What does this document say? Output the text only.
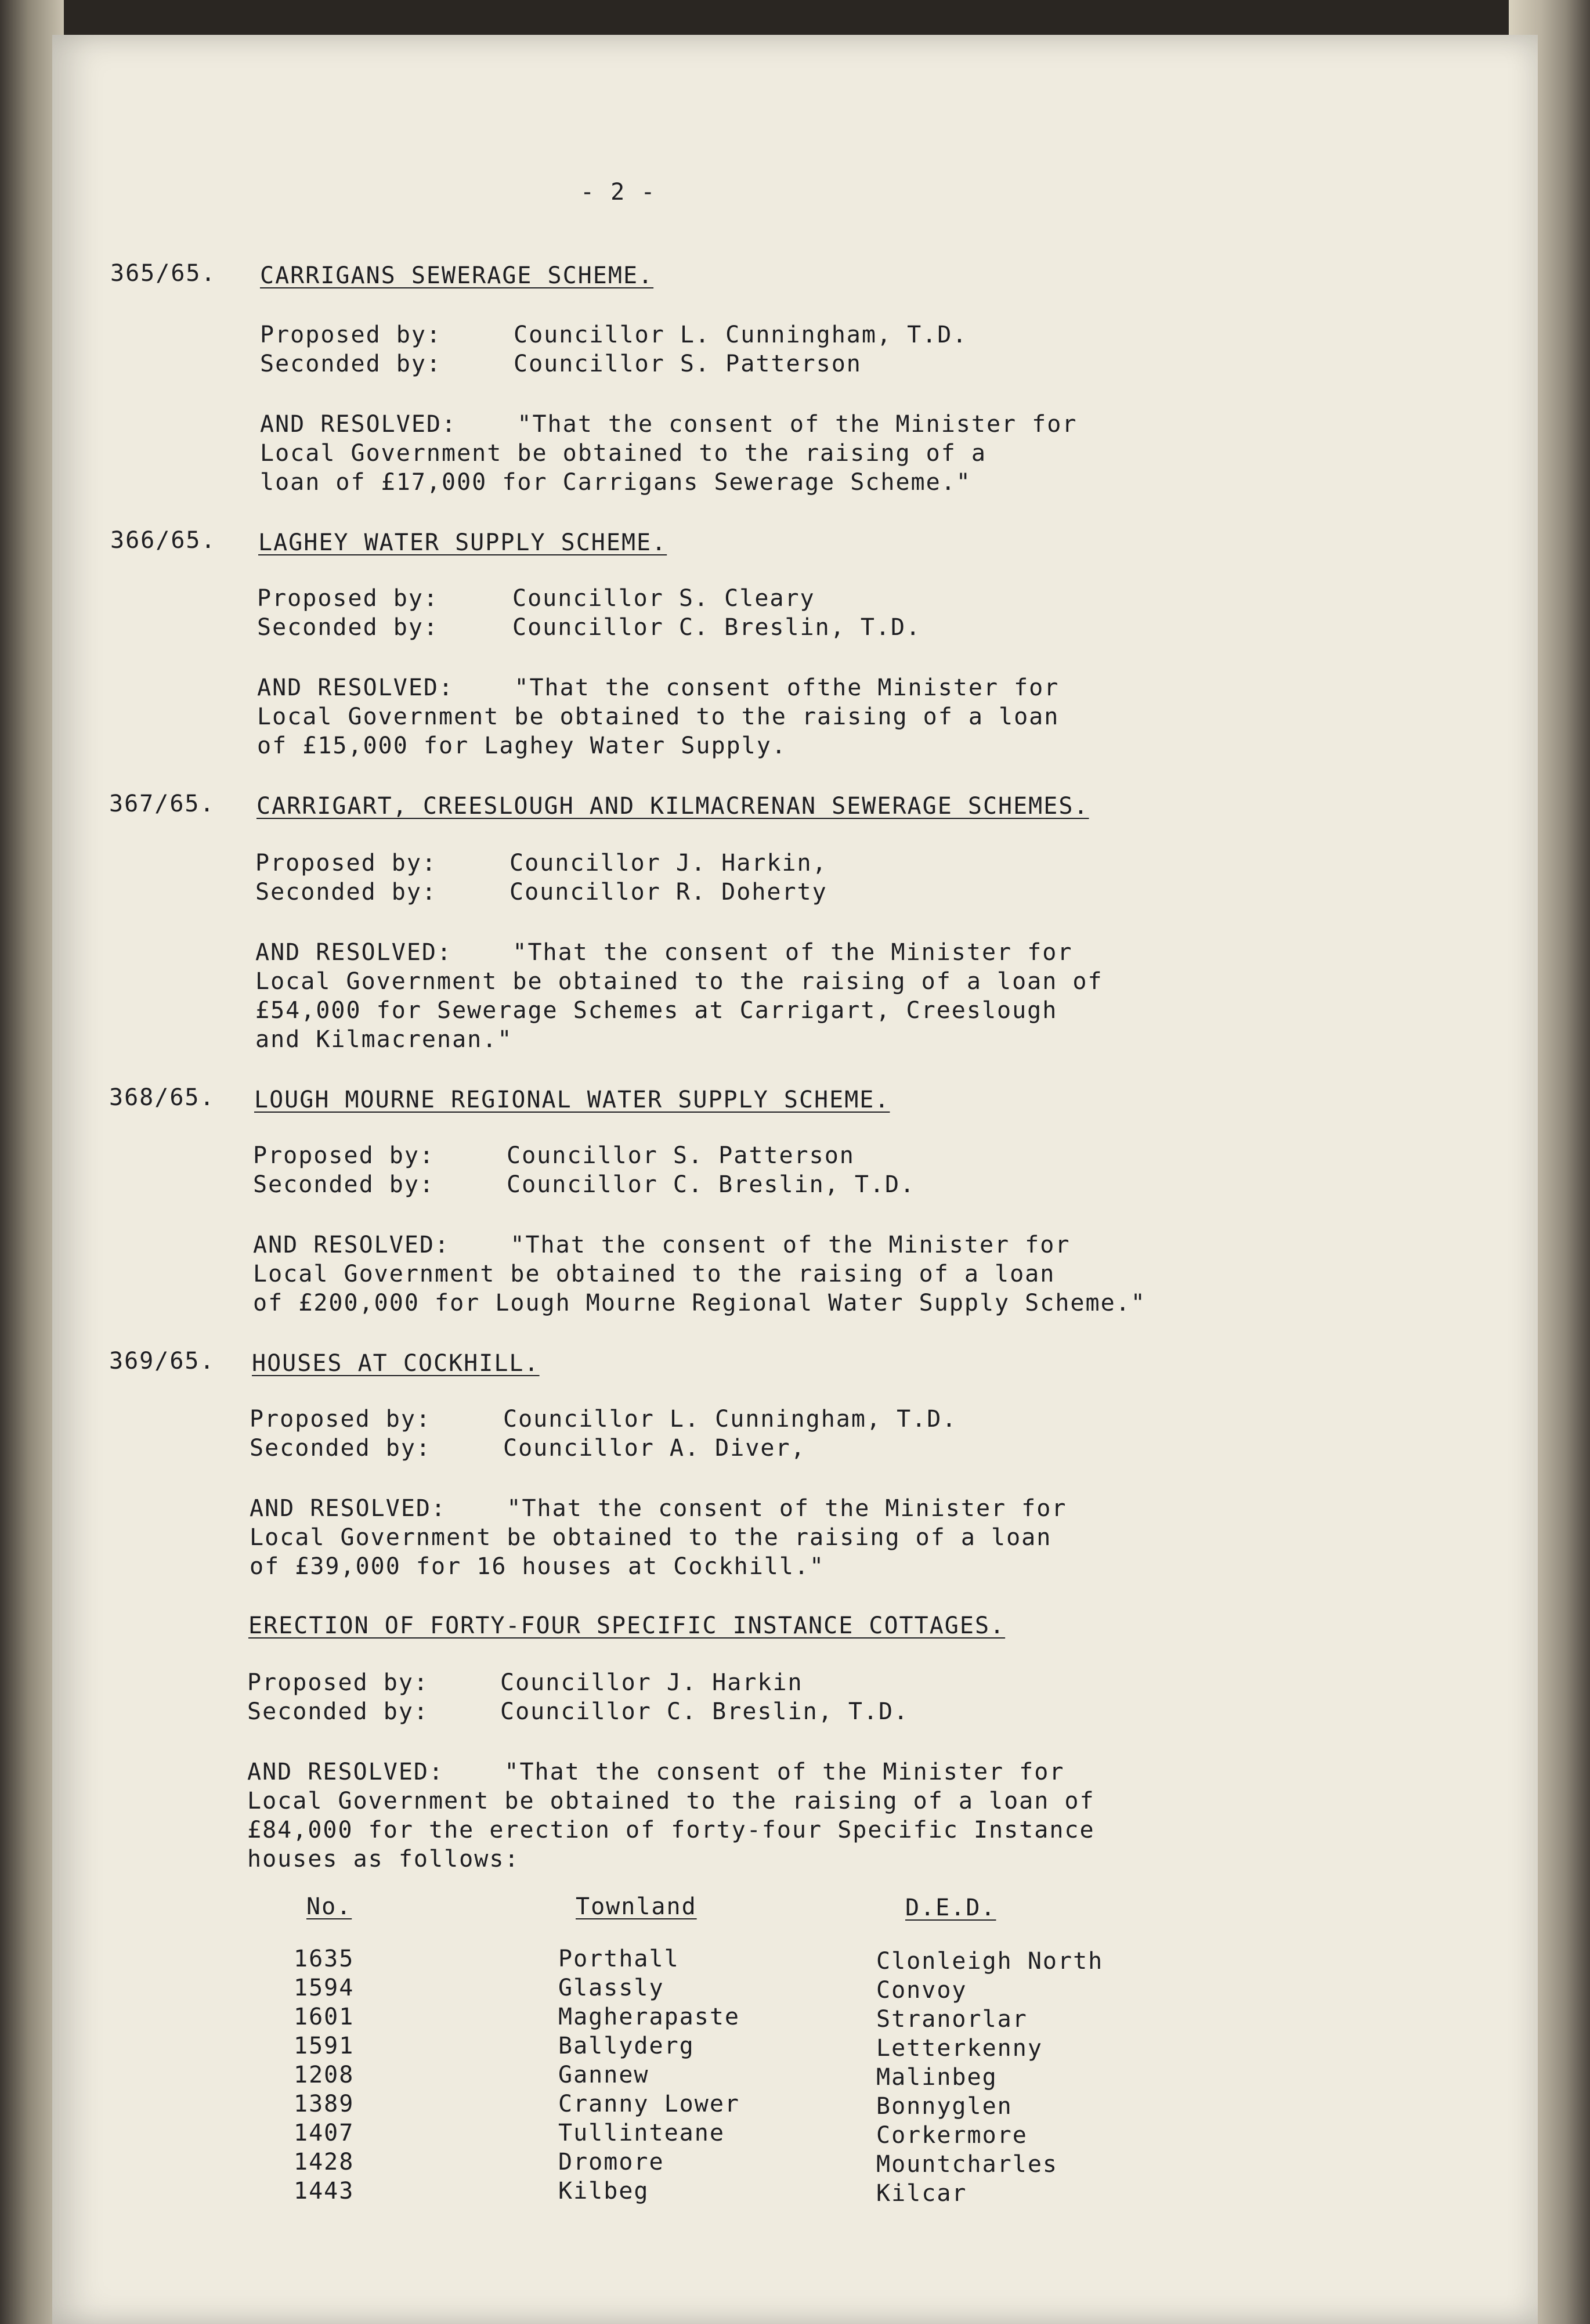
- 2 -
365/65. CARRIGANS SEWERAGE SCHEME.
Proposed by:	Councillor L. Cunningham, T.D.
Seconded by:	Councillor S. Patterson
AND RESOLVED:    "That the consent of the Minister for
Local Government be obtained to the raising of a
loan of £17,000 for Carrigans Sewerage Scheme."
366/65. LAGHEY WATER SUPPLY SCHEME.
Proposed by:	Councillor S. Cleary
Seconded by:	Councillor C. Breslin, T.D.
AND RESOLVED:    "That the consent ofthe Minister for
Local Government be obtained to the raising of a loan
of £15,000 for Laghey Water Supply.
367/65. CARRIGART, CREESLOUGH AND KILMACRENAN SEWERAGE SCHEMES.
Proposed by:	Councillor J. Harkin,
Seconded by:	Councillor R. Doherty
AND RESOLVED:    "That the consent of the Minister for
Local Government be obtained to the raising of a loan of
£54,000 for Sewerage Schemes at Carrigart, Creeslough
and Kilmacrenan."
368/65. LOUGH MOURNE REGIONAL WATER SUPPLY SCHEME.
Proposed by:	Councillor S. Patterson
Seconded by:	Councillor C. Breslin, T.D.
AND RESOLVED:    "That the consent of the Minister for
Local Government be obtained to the raising of a loan
of £200,000 for Lough Mourne Regional Water Supply Scheme."
369/65. HOUSES AT COCKHILL.
Proposed by:	Councillor L. Cunningham, T.D.
Seconded by:	Councillor A. Diver,
AND RESOLVED:    "That the consent of the Minister for
Local Government be obtained to the raising of a loan
of £39,000 for 16 houses at Cockhill."
ERECTION OF FORTY-FOUR SPECIFIC INSTANCE COTTAGES.
Proposed by:	Councillor J. Harkin
Seconded by:	Councillor C. Breslin, T.D.
AND RESOLVED:    "That the consent of the Minister for
Local Government be obtained to the raising of a loan of
£84,000 for the erection of forty-four Specific Instance
houses as follows:
No.	Townland	D.E.D.
1635	Porthall	Clonleigh North
1594	Glassly	Convoy
1601	Magherapaste	Stranorlar
1591	Ballyderg	Letterkenny
1208	Gannew	Malinbeg
1389	Cranny Lower	Bonnyglen
1407	Tullinteane	Corkermore
1428	Dromore	Mountcharles
1443	Kilbeg	Kilcar
